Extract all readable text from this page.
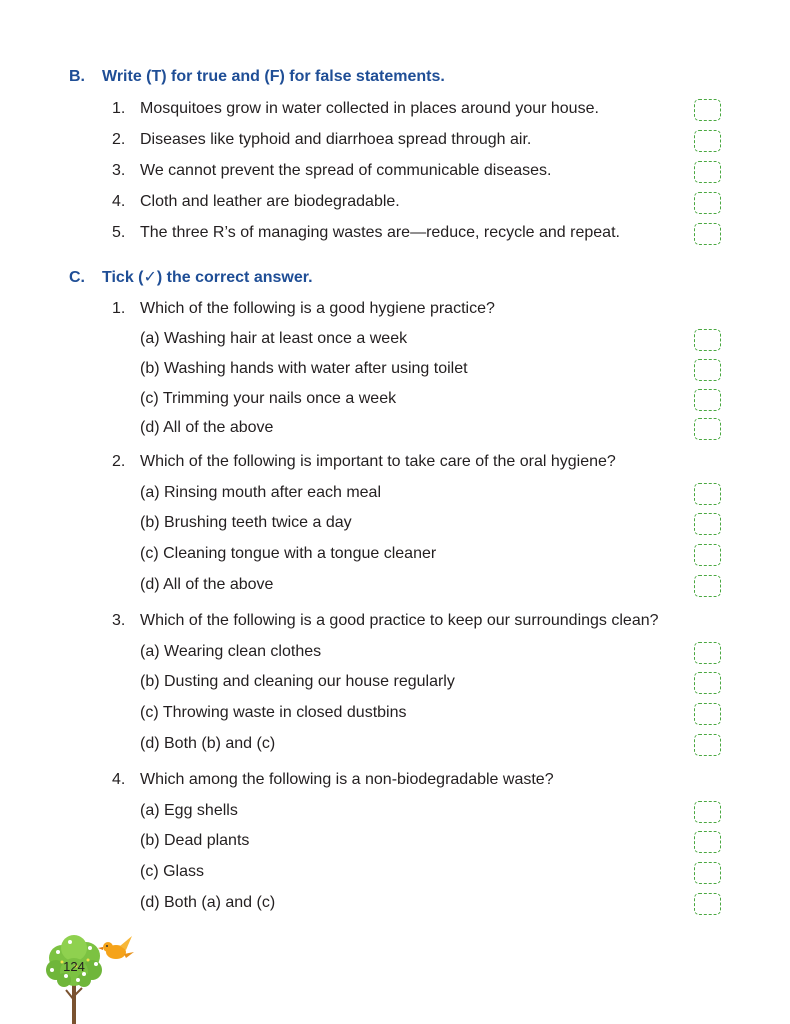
B. Write (T) for true and (F) for false statements.
1. Mosquitoes grow in water collected in places around your house.
2. Diseases like typhoid and diarrhoea spread through air.
3. We cannot prevent the spread of communicable diseases.
4. Cloth and leather are biodegradable.
5. The three R’s of managing wastes are—reduce, recycle and repeat.
C. Tick (✓) the correct answer.
1. Which of the following is a good hygiene practice?
(a) Washing hair at least once a week
(b) Washing hands with water after using toilet
(c) Trimming your nails once a week
(d) All of the above
2. Which of the following is important to take care of the oral hygiene?
(a) Rinsing mouth after each meal
(b) Brushing teeth twice a day
(c) Cleaning tongue with a tongue cleaner
(d) All of the above
3. Which of the following is a good practice to keep our surroundings clean?
(a) Wearing clean clothes
(b) Dusting and cleaning our house regularly
(c) Throwing waste in closed dustbins
(d) Both (b) and (c)
4. Which among the following is a non-biodegradable waste?
(a) Egg shells
(b) Dead plants
(c) Glass
(d) Both (a) and (c)
124
